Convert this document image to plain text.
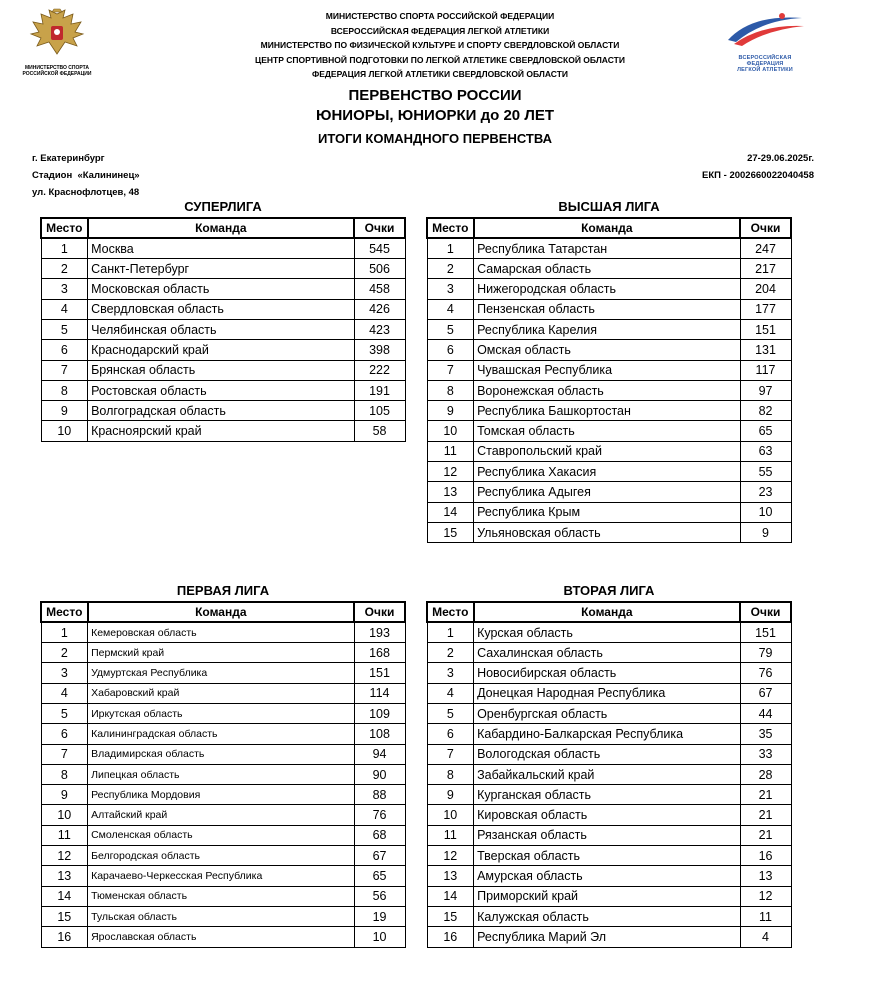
МИНИСТЕРСТВО СПОРТА
РОССИЙСКОЙ ФЕДЕРАЦИИ
ВСЕРОССИЙСКАЯ ФЕДЕРАЦИЯ
ЛЕГКОЙ АТЛЕТИКИ
МИНИСТЕРСТВО СПОРТА РОССИЙСКОЙ ФЕДЕРАЦИИ
ВСЕРОССИЙСКАЯ ФЕДЕРАЦИЯ ЛЕГКОЙ АТЛЕТИКИ
МИНИСТЕРСТВО ПО ФИЗИЧЕСКОЙ КУЛЬТУРЕ И СПОРТУ СВЕРДЛОВСКОЙ ОБЛАСТИ
ЦЕНТР СПОРТИВНОЙ ПОДГОТОВКИ ПО ЛЕГКОЙ АТЛЕТИКЕ СВЕРДЛОВСКОЙ ОБЛАСТИ
ФЕДЕРАЦИЯ ЛЕГКОЙ АТЛЕТИКИ СВЕРДЛОВСКОЙ ОБЛАСТИ
ПЕРВЕНСТВО РОССИИ
ЮНИОРЫ, ЮНИОРКИ до 20 ЛЕТ
ИТОГИ КОМАНДНОГО ПЕРВЕНСТВА
г. Екатеринбург
Стадион  «Калининец»
ул. Краснофлотцев, 48
27-29.06.2025г.
ЕКП - 2002660022040458
СУПЕРЛИГА	ВЫСШАЯ ЛИГА
ПЕРВАЯ ЛИГА	ВТОРАЯ ЛИГА
Место	Команда	Очки
1	Москва	545
2	Санкт-Петербург	506
3	Московская область	458
4	Свердловская область	426
5	Челябинская область	423
6	Краснодарский край	398
7	Брянская область	222
8	Ростовская область	191
9	Волгоградская область	105
10	Красноярский край	58
Место	Команда	Очки
1	Республика Татарстан	247
2	Самарская область	217
3	Нижегородская область	204
4	Пензенская область	177
5	Республика Карелия	151
6	Омская область	131
7	Чувашская Республика	117
8	Воронежская область	97
9	Республика Башкортостан	82
10	Томская область	65
11	Ставропольский край	63
12	Республика Хакасия	55
13	Республика Адыгея	23
14	Республика Крым	10
15	Ульяновская область	9
Место	Команда	Очки
1	Кемеровская область	193
2	Пермский край	168
3	Удмуртская Республика	151
4	Хабаровский край	114
5	Иркутская область	109
6	Калининградская область	108
7	Владимирская область	94
8	Липецкая область	90
9	Республика Мордовия	88
10	Алтайский край	76
11	Смоленская область	68
12	Белгородская область	67
13	Карачаево-Черкесская Республика	65
14	Тюменская область	56
15	Тульская область	19
16	Ярославская область	10
Место	Команда	Очки
1	Курская область	151
2	Сахалинская область	79
3	Новосибирская область	76
4	Донецкая Народная Республика	67
5	Оренбургская область	44
6	Кабардино-Балкарская Республика	35
7	Вологодская область	33
8	Забайкальский край	28
9	Курганская область	21
10	Кировская область	21
11	Рязанская область	21
12	Тверская область	16
13	Амурская область	13
14	Приморский край	12
15	Калужская область	11
16	Республика Марий Эл	4
